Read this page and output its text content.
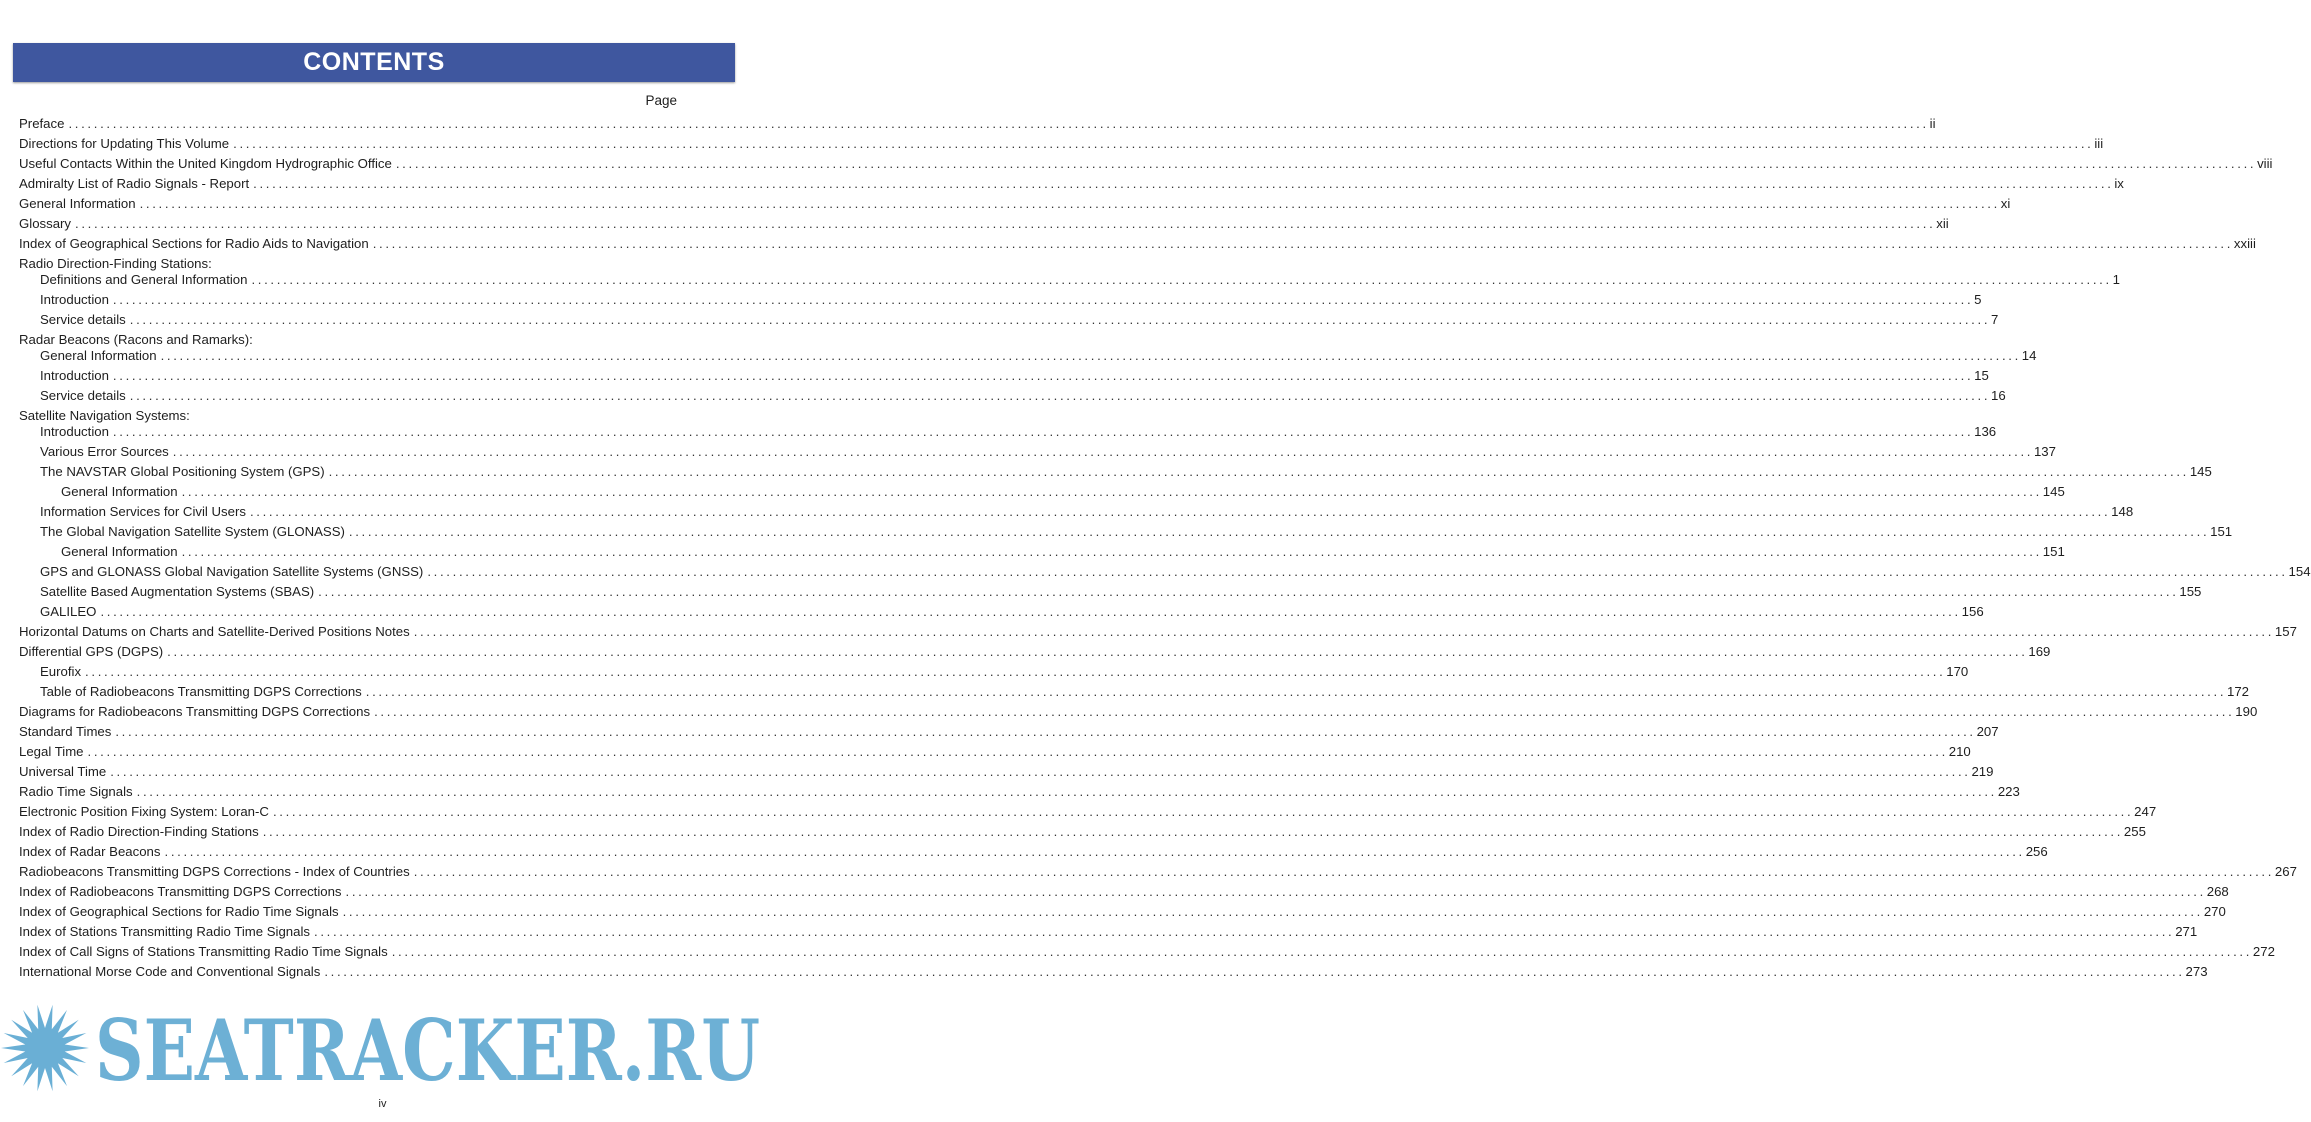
CONTENTS
Page
Preface . . .	ii
Directions for Updating This Volume . . .	iii
Useful Contacts Within the United Kingdom Hydrographic Office . . .	viii
Admiralty List of Radio Signals - Report . . .	ix
General Information . . .	xi
Glossary . . .	xii
Index of Geographical Sections for Radio Aids to Navigation . . .	xxiii
Radio Direction-Finding Stations:
Definitions and General Information . . .	1
Introduction . . .	5
Service details . . .	7
Radar Beacons (Racons and Ramarks):
General Information . . .	14
Introduction . . .	15
Service details . . .	16
Satellite Navigation Systems:
Introduction . . .	136
Various Error Sources . . .	137
The NAVSTAR Global Positioning System (GPS) . . .	145
General Information . . .	145
Information Services for Civil Users . . .	148
The Global Navigation Satellite System (GLONASS) . . .	151
General Information . . .	151
GPS and GLONASS Global Navigation Satellite Systems (GNSS) . . .	154
Satellite Based Augmentation Systems (SBAS) . . .	155
GALILEO . . .	156
Horizontal Datums on Charts and Satellite-Derived Positions Notes . . .	157
Differential GPS (DGPS) . . .	169
Eurofix . . .	170
Table of Radiobeacons Transmitting DGPS Corrections . . .	172
Diagrams for Radiobeacons Transmitting DGPS Corrections . . .	190
Standard Times . . .	207
Legal Time . . .	210
Universal Time . . .	219
Radio Time Signals . . .	223
Electronic Position Fixing System: Loran-C . . .	247
Index of Radio Direction-Finding Stations . . .	255
Index of Radar Beacons . . .	256
Radiobeacons Transmitting DGPS Corrections - Index of Countries . . .	267
Index of Radiobeacons Transmitting DGPS Corrections . . .	268
Index of Geographical Sections for Radio Time Signals . . .	270
Index of Stations Transmitting Radio Time Signals . . .	271
Index of Call Signs of Stations Transmitting Radio Time Signals . . .	272
International Morse Code and Conventional Signals . . .	273
SEATRACKER.RU
iv
